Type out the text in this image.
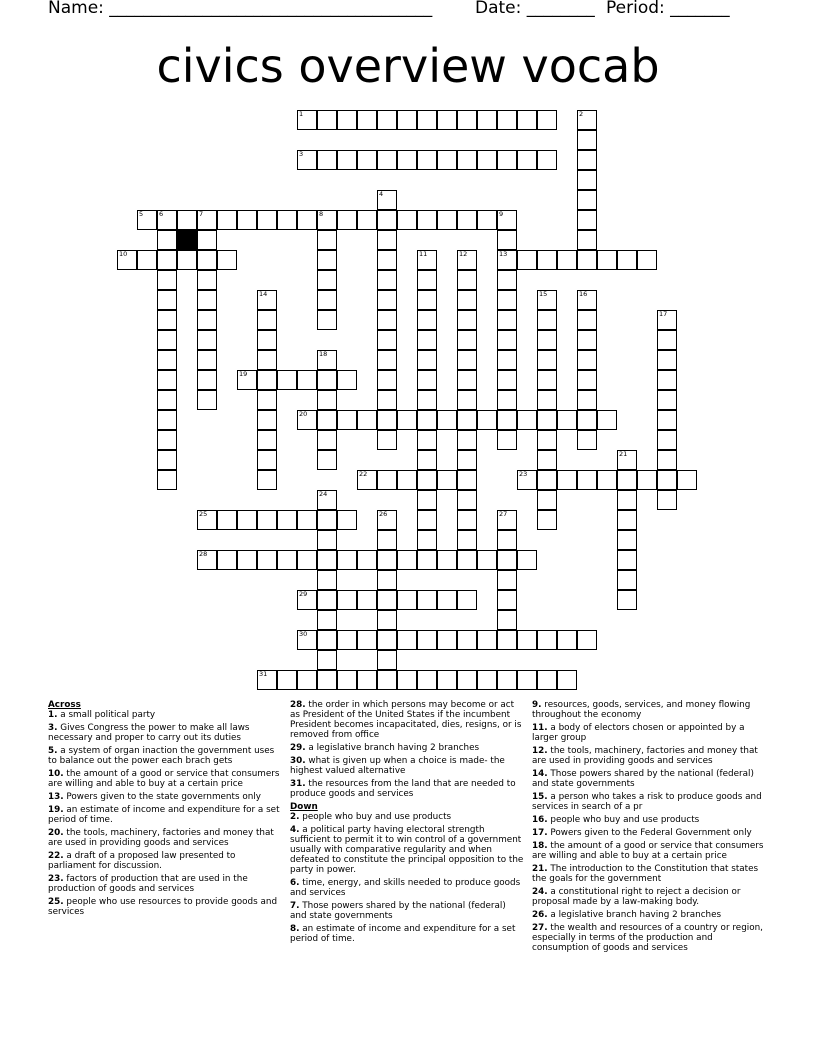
Name: ______________________________________	Date: ________ Period: _______
civics overview vocab
1	2
3
4
5 6	7	8	9
13
10	11	12
14	15	16
17
18
19
20
21
22	23
24
25	26	27
28
29
30
31
Across
1. a small political party
3. Gives Congress the power to make all laws necessary and proper to carry out its duties
5. a system of organ inaction the government uses to balance out the power each brach gets
10. the amount of a good or service that consumers are willing and able to buy at a certain price
13. Powers given to the state governments only
19. an estimate of income and expenditure for a set period of time.
20. the tools, machinery, factories and money that are used in providing goods and services
22. a draft of a proposed law presented to parliament for discussion.
23. factors of production that are used in the production of goods and services
25. people who use resources to provide goods and services
28. the order in which persons may become or act as President of the United States if the incumbent President becomes incapacitated, dies, resigns, or is removed from office
29. a legislative branch having 2 branches
30. what is given up when a choice is made- the highest valued alternative
31. the resources from the land that are needed to produce goods and services
Down
2. people who buy and use products
4. a political party having electoral strength sufficient to permit it to win control of a government usually with comparative regularity and when defeated to constitute the principal opposition to the party in power.
6. time, energy, and skills needed to produce goods and services
7. Those powers shared by the national (federal) and state governments
8. an estimate of income and expenditure for a set period of time.
9. resources, goods, services, and money flowing throughout the economy
11. a body of electors chosen or appointed by a larger group
12. the tools, machinery, factories and money that are used in providing goods and services
14. Those powers shared by the national (federal) and state governments
15. a person who takes a risk to produce goods and services in search of a pr
16. people who buy and use products
17. Powers given to the Federal Government only
18. the amount of a good or service that consumers are willing and able to buy at a certain price
21. The introduction to the Constitution that states the goals for the government
24. a constitutional right to reject a decision or proposal made by a law-making body.
26. a legislative branch having 2 branches
27. the wealth and resources of a country or region, especially in terms of the production and consumption of goods and services
